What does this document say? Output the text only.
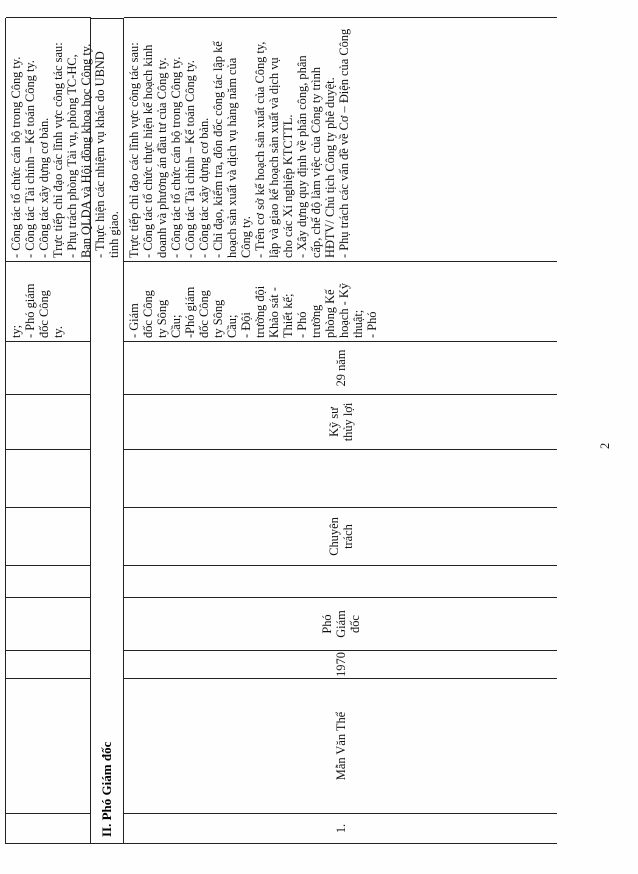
2
ty; - Phó giám đốc Công ty.
- Công tác tổ chức cán bộ trong Công ty. - Công tác Tài chính – Kế toán Công ty. - Công tác xây dựng cơ bản. Trực tiếp chỉ đạo các lĩnh vực công tác sau: - Phụ trách phòng Tài vụ, phòng TC-HC, Ban QLDA và Hội đồng khoa học Công ty. - Thực hiện các nhiệm vụ khác do UBND tỉnh giao.
II. Phó Giám đốc	1.
Mẫn Văn Thể
1970
Phó Giám đốc
Chuyên trách
Kỹ sư thủy lợi
29 năm
- Giám đốc Công ty Sông Cầu; -Phó giám đốc Công ty Sông Cầu; - Đội trưởng đội Khảo sát - Thiết kế; - Phó trưởng phòng Kế hoạch - Kỹ thuật; - Phó
Trực tiếp chỉ đạo các lĩnh vực công tác sau: - Công tác tổ chức thực hiện kế hoạch kinh doanh và phương án đầu tư của Công ty. - Công tác tổ chức cán bộ trong Công ty. - Công tác Tài chính – Kế toán Công ty. - Công tác xây dựng cơ bản. - Chỉ đạo, kiểm tra, đôn đốc công tác lập kế hoạch sản xuất và dịch vụ hàng năm của Công ty. - Trên cơ sở kế hoạch sản xuất của Công ty, lập và giao kế hoạch sản xuất và dịch vụ cho các Xí nghiệp KTCTTL. - Xây dựng quy định về phân công, phân cấp, chế độ làm việc của Công ty trình HĐTV/ Chủ tịch Công ty phê duyệt. - Phụ trách các vấn đề về Cơ – Điện của Công
